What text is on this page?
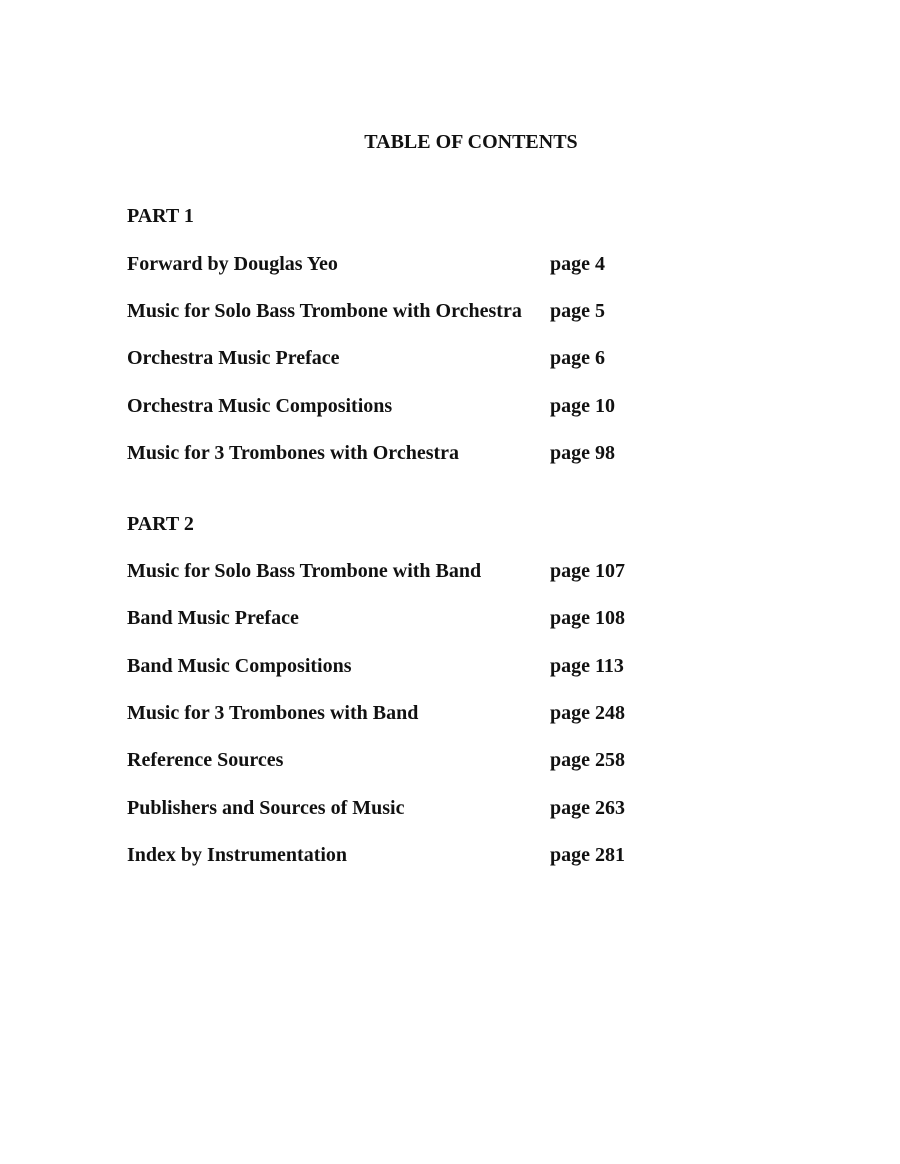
TABLE OF CONTENTS
PART 1
Forward by Douglas Yeo	page 4
Music for Solo Bass Trombone with Orchestra page 5
Orchestra Music Preface	page 6
Orchestra Music Compositions	page 10
Music for 3 Trombones with Orchestra	page 98
PART 2
Music for Solo Bass Trombone with Band	page 107
Band Music Preface	page 108
Band Music Compositions	page 113
Music for 3 Trombones with Band	page 248
Reference Sources	page 258
Publishers and Sources of Music	page 263
Index by Instrumentation	page 281
